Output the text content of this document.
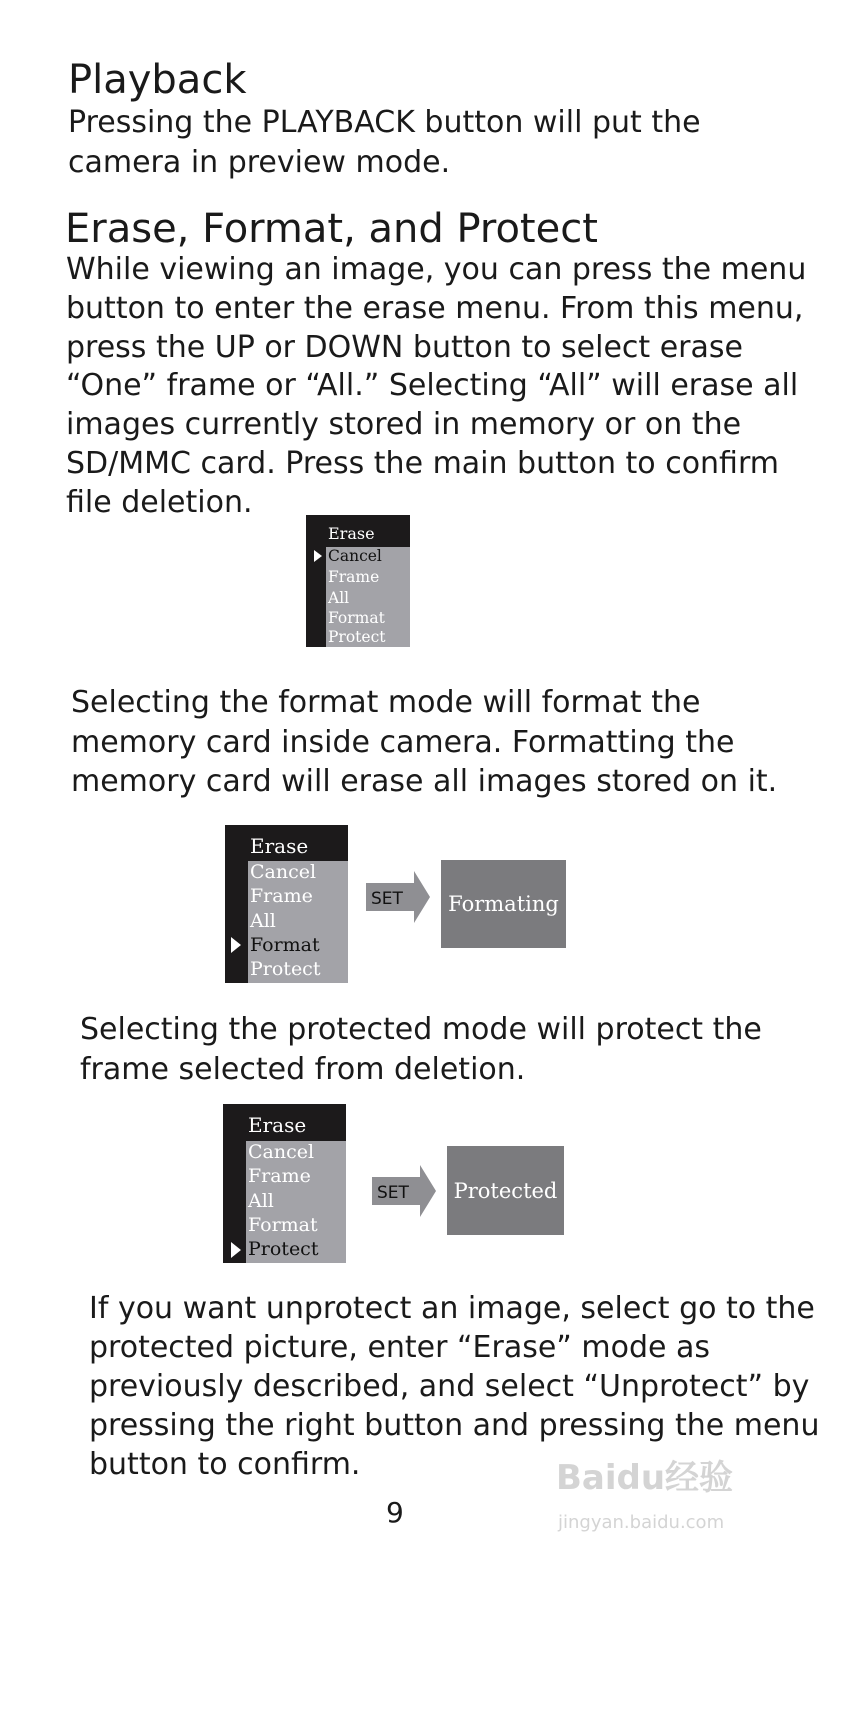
Playback
Pressing the PLAYBACK button will put the
camera in preview mode.
Erase, Format, and Protect
While viewing an image, you can press the menu
button to enter the erase menu. From this menu,
press the UP or DOWN button to select erase
“One” frame or “All.” Selecting “All” will erase all
images currently stored in memory or on the
SD/MMC card. Press the main button to confirm
file deletion.
Erase
Cancel
Frame
All
Format
Protect
Selecting the format mode will format the
memory card inside camera. Formatting the
memory card will erase all images stored on it.
Erase
Cancel
Frame
All
Format
Protect
SET	Formating
Selecting the protected mode will protect the
frame selected from deletion.
Erase
Cancel
Frame
All
Format
Protect
SET	Protected
If you want unprotect an image, select go to the
protected picture, enter “Erase” mode as
previously described, and select “Unprotect” by
pressing the right button and pressing the menu
button to confirm.
9
Baidu经验
jingyan.baidu.com
